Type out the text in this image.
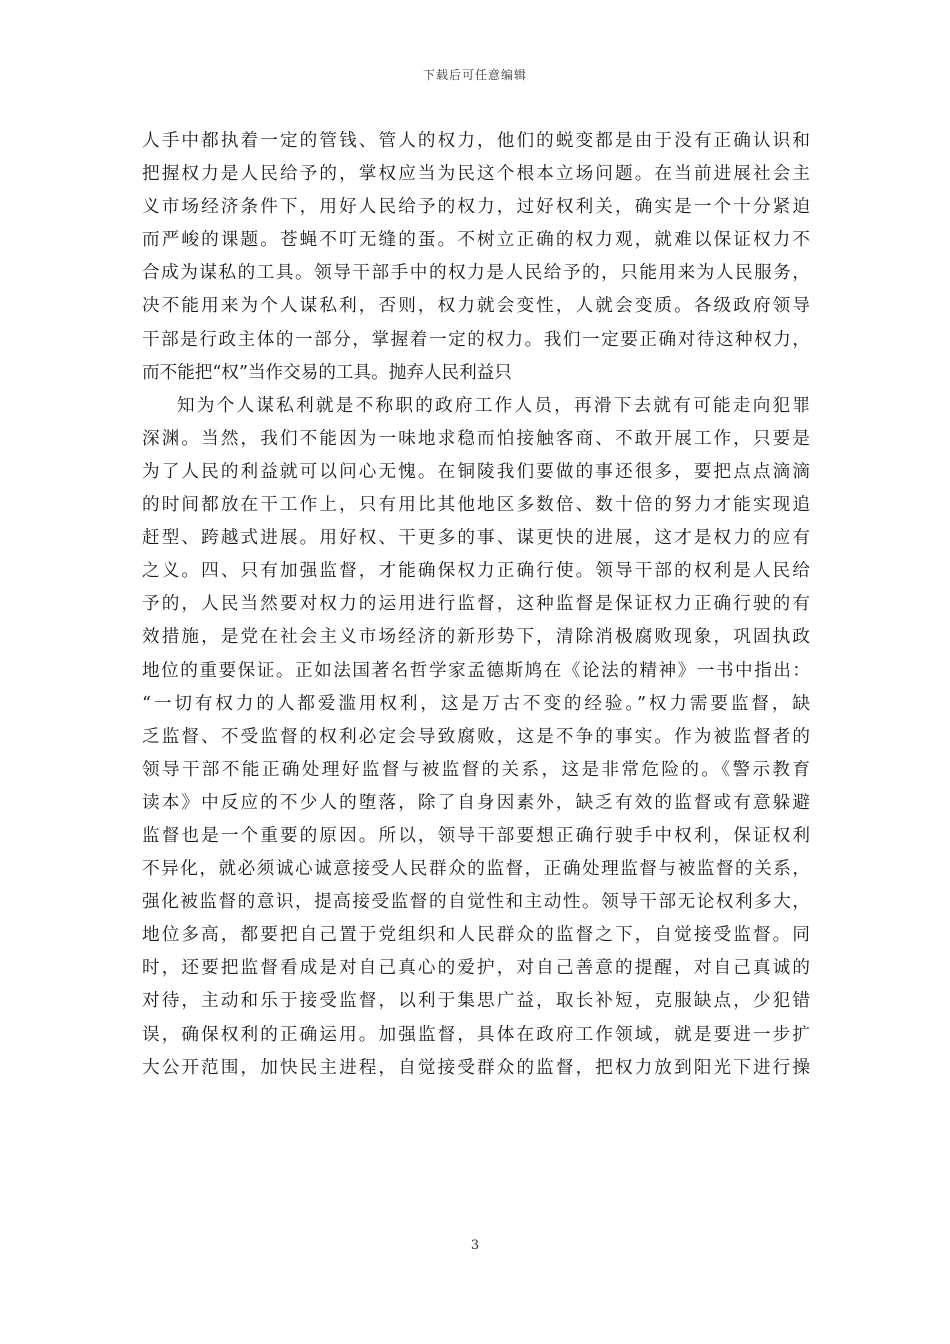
下载后可任意编辑
人手中都执着一定的管钱、管人的权力，他们的蜕变都是由于没有正确认识和
把握权力是人民给予的，掌权应当为民这个根本立场问题。在当前进展社会主
义市场经济条件下，用好人民给予的权力，过好权利关，确实是一个十分紧迫
而严峻的课题。苍蝇不叮无缝的蛋。不树立正确的权力观，就难以保证权力不
合成为谋私的工具。领导干部手中的权力是人民给予的，只能用来为人民服务，
决不能用来为个人谋私利，否则，权力就会变性，人就会变质。各级政府领导
干部是行政主体的一部分，掌握着一定的权力。我们一定要正确对待这种权力，
而不能把“权”当作交易的工具。抛弃人民利益只
知为个人谋私利就是不称职的政府工作人员，再滑下去就有可能走向犯罪
深渊。当然，我们不能因为一味地求稳而怕接触客商、不敢开展工作，只要是
为了人民的利益就可以问心无愧。在铜陵我们要做的事还很多，要把点点滴滴
的时间都放在干工作上，只有用比其他地区多数倍、数十倍的努力才能实现追
赶型、跨越式进展。用好权、干更多的事、谋更快的进展，这才是权力的应有
之义。四、只有加强监督，才能确保权力正确行使。领导干部的权利是人民给
予的，人民当然要对权力的运用进行监督，这种监督是保证权力正确行驶的有
效措施，是党在社会主义市场经济的新形势下，清除消极腐败现象，巩固执政
地位的重要保证。正如法国著名哲学家孟德斯鸠在《论法的精神》一书中指出：
“一切有权力的人都爱滥用权利，这是万古不变的经验。”权力需要监督，缺
乏监督、不受监督的权利必定会导致腐败，这是不争的事实。作为被监督者的
领导干部不能正确处理好监督与被监督的关系，这是非常危险的。《警示教育
读本》中反应的不少人的堕落，除了自身因素外，缺乏有效的监督或有意躲避
监督也是一个重要的原因。所以，领导干部要想正确行驶手中权利，保证权利
不异化，就必须诚心诚意接受人民群众的监督，正确处理监督与被监督的关系，
强化被监督的意识，提高接受监督的自觉性和主动性。领导干部无论权利多大，
地位多高，都要把自己置于党组织和人民群众的监督之下，自觉接受监督。同
时，还要把监督看成是对自己真心的爱护，对自己善意的提醒，对自己真诚的
对待，主动和乐于接受监督，以利于集思广益，取长补短，克服缺点，少犯错
误，确保权利的正确运用。加强监督，具体在政府工作领域，就是要进一步扩
大公开范围，加快民主进程，自觉接受群众的监督，把权力放到阳光下进行操
3
